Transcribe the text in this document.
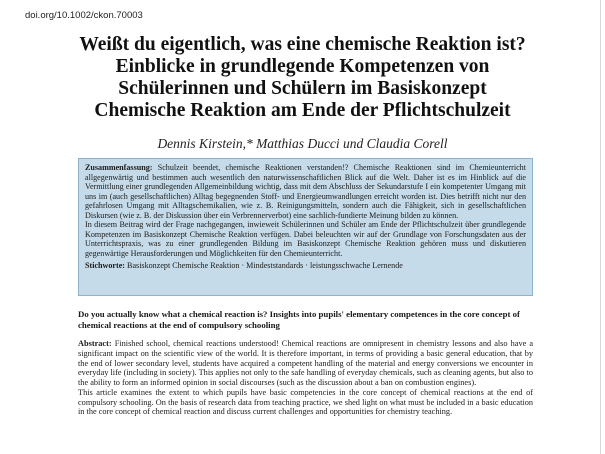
doi.org/10.1002/ckon.70003
Weißt du eigentlich, was eine chemische Reaktion ist?
Einblicke in grundlegende Kompetenzen von
Schülerinnen und Schülern im Basiskonzept
Chemische Reaktion am Ende der Pflichtschulzeit
Dennis Kirstein,* Matthias Ducci und Claudia Corell

Zusammenfassung: Schulzeit beendet, chemische Reaktionen verstanden!? Chemische Reaktionen sind im Chemieunterricht allgegenwärtig und bestimmen auch wesentlich den naturwissenschaftlichen Blick auf die Welt. Daher ist es im Hinblick auf die Vermittlung einer grundlegenden Allgemeinbildung wichtig, dass mit dem Abschluss der Sekundarstufe I ein kompetenter Umgang mit uns im (auch gesellschaftlichen) Alltag begegnenden Stoff- und Energieumwandlungen erreicht worden ist. Dies betrifft nicht nur den gefahrlosen Umgang mit Alltagschemikalien, wie z. B. Reinigungsmitteln, sondern auch die Fähigkeit, sich in gesellschaftlichen Diskursen (wie z. B. der Diskussion über ein Verbrennerverbot) eine sachlich-fundierte Meinung bilden zu können.

In diesem Beitrag wird der Frage nachgegangen, inwieweit Schülerinnen und Schüler am Ende der Pflichtschulzeit über grundlegende Kompetenzen im Basiskonzept Chemische Reaktion verfügen. Dabei beleuchten wir auf der Grundlage von Forschungsdaten aus der Unterrichtspraxis, was zu einer grundlegenden Bildung im Basiskonzept Chemische Reaktion gehören muss und diskutieren gegenwärtige Herausforderungen und Möglichkeiten für den Chemieunterricht.

Stichworte: Basiskonzept Chemische Reaktion · Mindeststandards · leistungsschwache Lernende

Do you actually know what a chemical reaction is? Insights into pupils' elementary competences in the core concept of chemical reactions at the end of compulsory schooling

Abstract: Finished school, chemical reactions understood! Chemical reactions are omnipresent in chemistry lessons and also have a significant impact on the scientific view of the world. It is therefore important, in terms of providing a basic general education, that by the end of lower secondary level, students have acquired a competent handling of the material and energy conversions we encounter in everyday life (including in society). This applies not only to the safe handling of everyday chemicals, such as cleaning agents, but also to the ability to form an informed opinion in social discourses (such as the discussion about a ban on combustion engines).

This article examines the extent to which pupils have basic competencies in the core concept of chemical reactions at the end of compulsory schooling. On the basis of research data from teaching practice, we shed light on what must be included in a basic education in the core concept of chemical reaction and discuss current challenges and opportunities for chemistry teaching.
